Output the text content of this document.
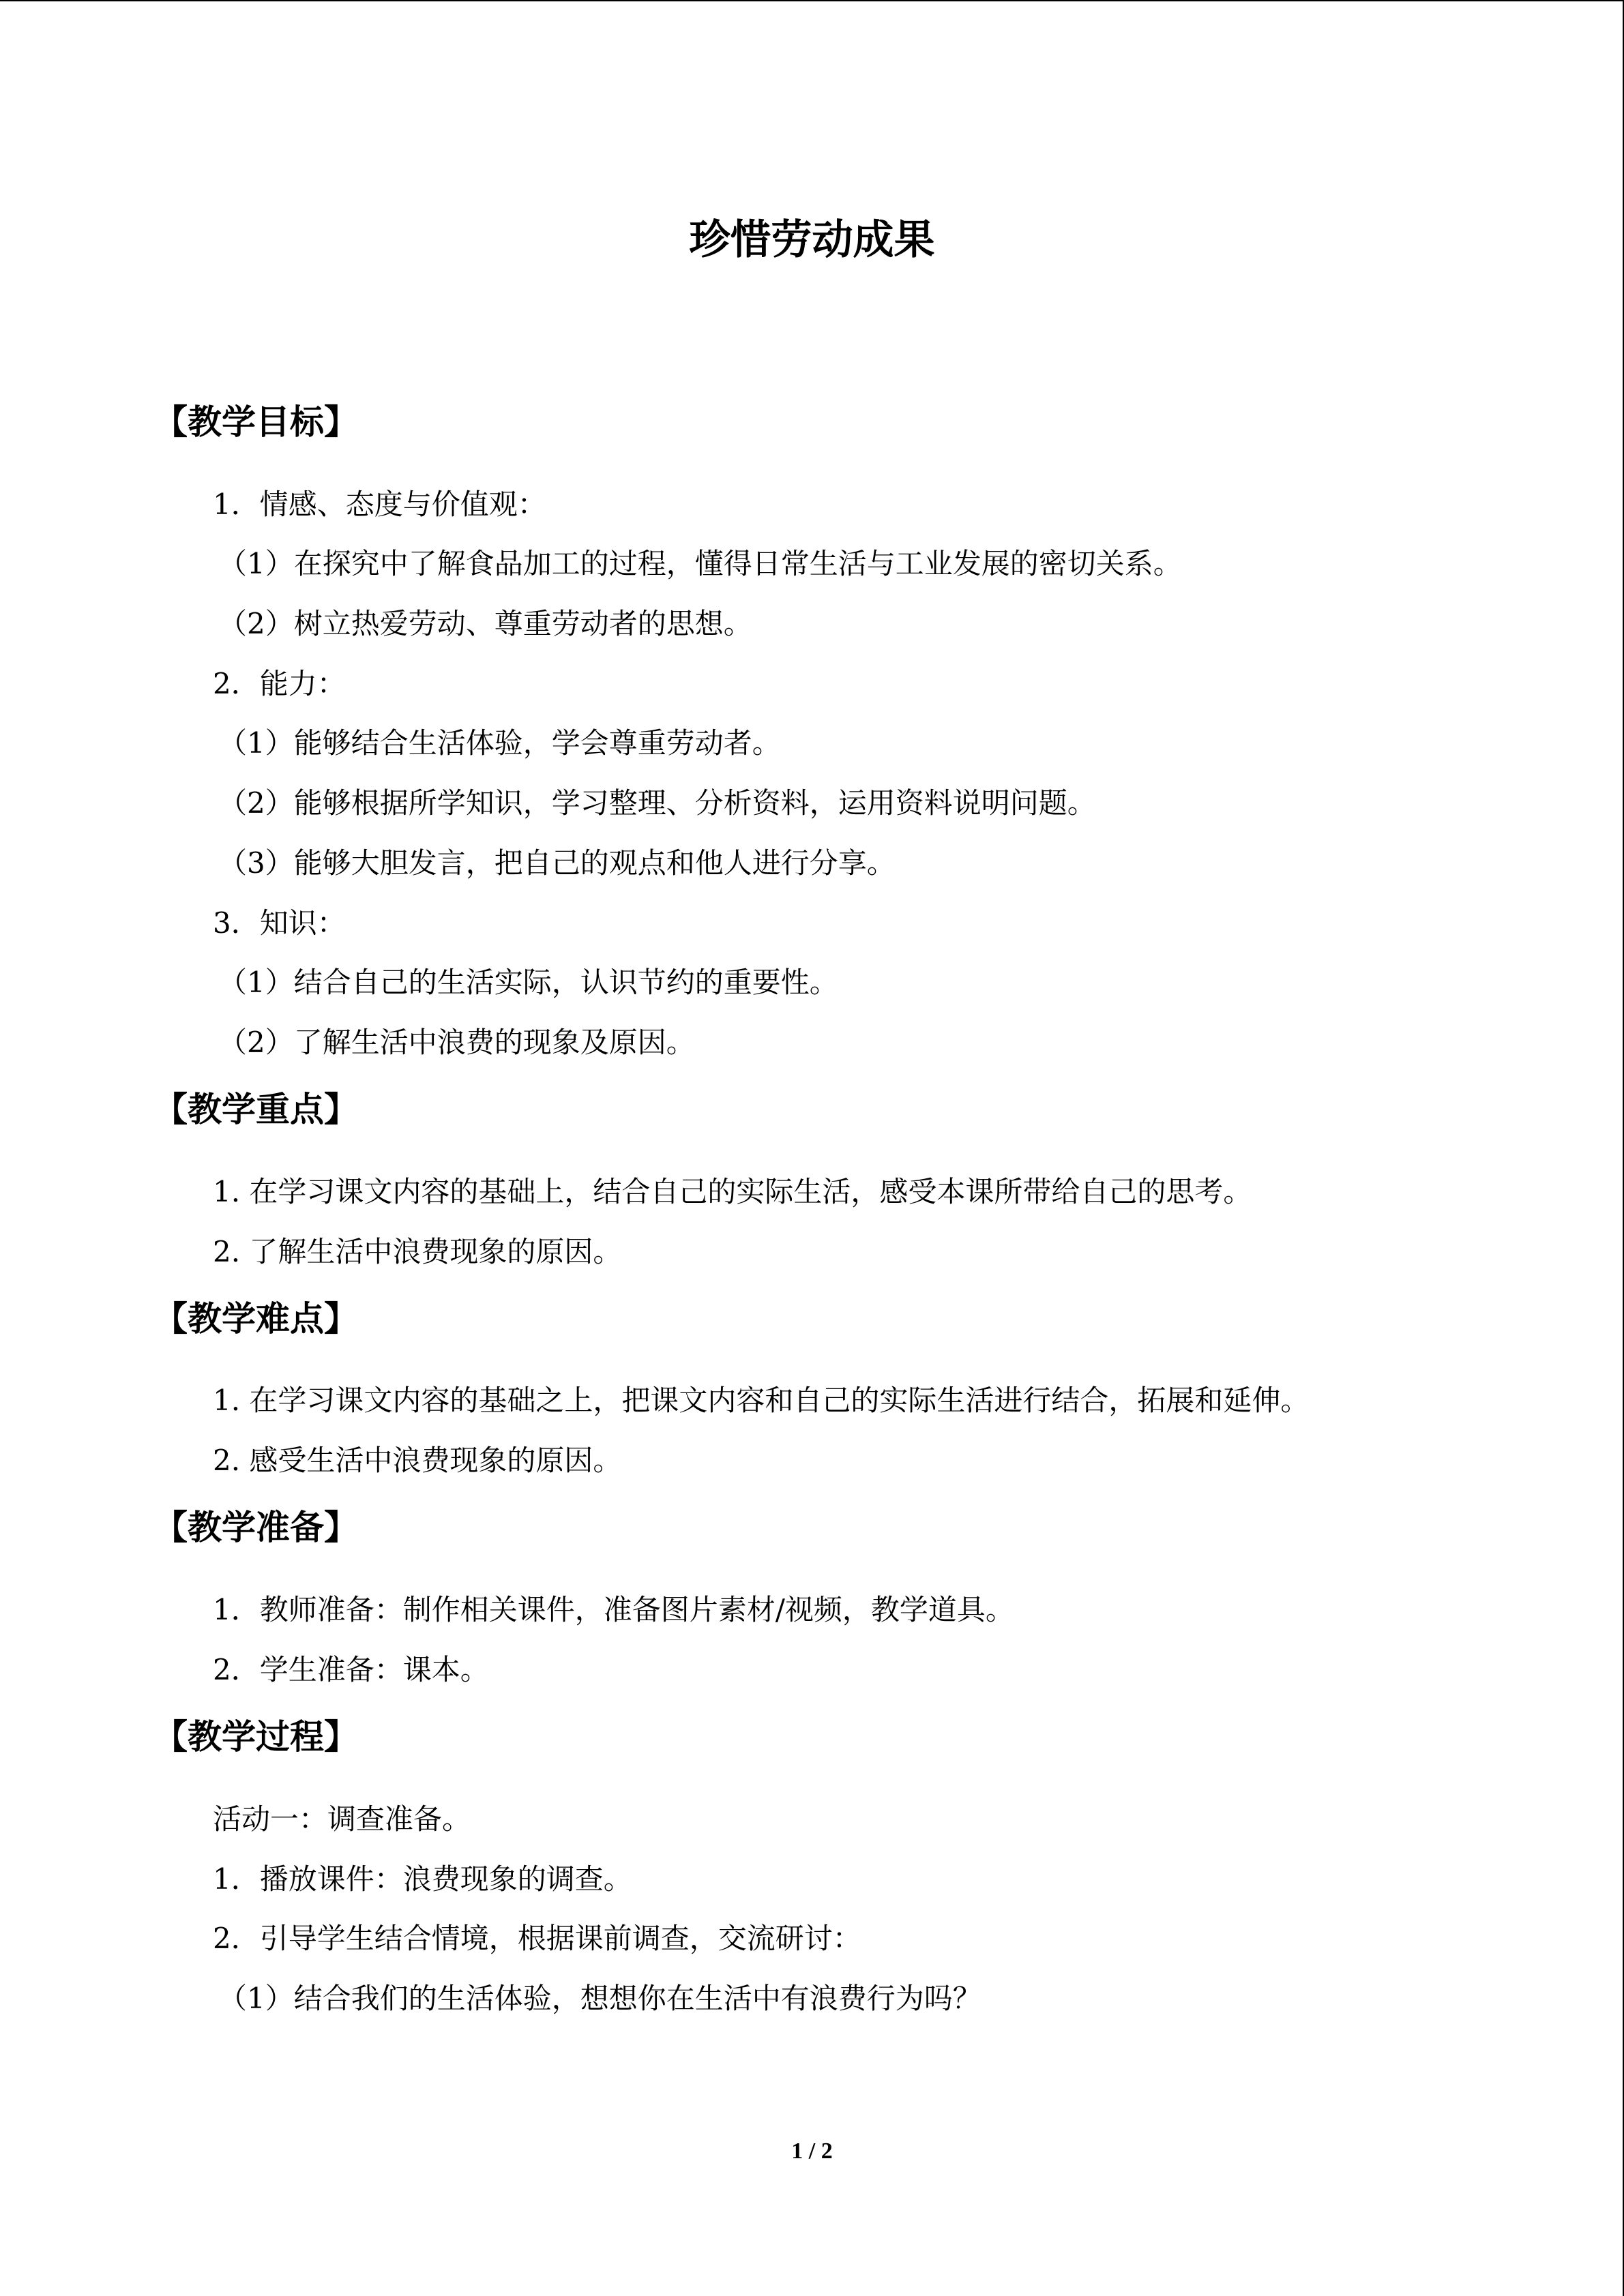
珍惜劳动成果
【教学目标】

1．情感、态度与价值观：

（1）在探究中了解食品加工的过程，懂得日常生活与工业发展的密切关系。

（2）树立热爱劳动、尊重劳动者的思想。

2．能力：

（1）能够结合生活体验，学会尊重劳动者。

（2）能够根据所学知识，学习整理、分析资料，运用资料说明问题。

（3）能够大胆发言，把自己的观点和他人进行分享。

3．知识：

（1）结合自己的生活实际，认识节约的重要性。

（2）了解生活中浪费的现象及原因。

【教学重点】

1. 在学习课文内容的基础上，结合自己的实际生活，感受本课所带给自己的思考。

2. 了解生活中浪费现象的原因。

【教学难点】

1. 在学习课文内容的基础之上，把课文内容和自己的实际生活进行结合，拓展和延伸。

2. 感受生活中浪费现象的原因。

【教学准备】

1．教师准备：制作相关课件，准备图片素材/视频，教学道具。

2．学生准备：课本。

【教学过程】

活动一：调查准备。

1．播放课件：浪费现象的调查。

2．引导学生结合情境，根据课前调查，交流研讨：

（1）结合我们的生活体验，想想你在生活中有浪费行为吗？

1 / 2
